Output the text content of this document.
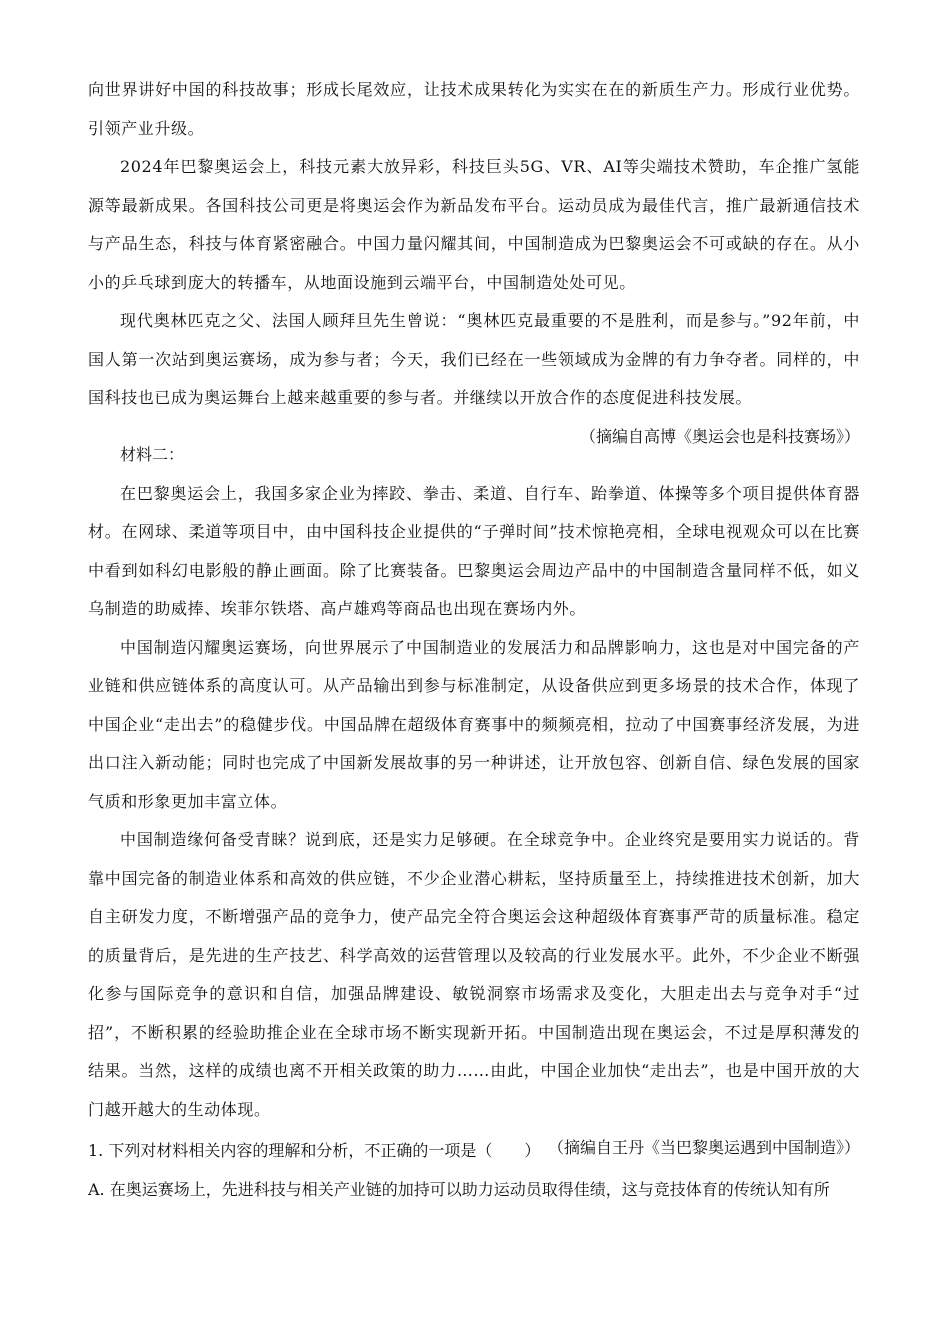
向世界讲好中国的科技故事；形成长尾效应，让技术成果转化为实实在在的新质生产力。形成行业优势。引领产业升级。

2024年巴黎奥运会上，科技元素大放异彩，科技巨头5G、VR、AI等尖端技术赞助，车企推广氢能源等最新成果。各国科技公司更是将奥运会作为新品发布平台。运动员成为最佳代言，推广最新通信技术与产品生态，科技与体育紧密融合。中国力量闪耀其间，中国制造成为巴黎奥运会不可或缺的存在。从小小的乒乓球到庞大的转播车，从地面设施到云端平台，中国制造处处可见。

现代奥林匹克之父、法国人顾拜旦先生曾说：“奥林匹克最重要的不是胜利，而是参与。”92年前，中国人第一次站到奥运赛场，成为参与者；今天，我们已经在一些领域成为金牌的有力争夺者。同样的，中国科技也已成为奥运舞台上越来越重要的参与者。并继续以开放合作的态度促进科技发展。

（摘编自高博《奥运会也是科技赛场》）

材料二：

在巴黎奥运会上，我国多家企业为摔跤、拳击、柔道、自行车、跆拳道、体操等多个项目提供体育器材。在网球、柔道等项目中，由中国科技企业提供的“子弹时间”技术惊艳亮相，全球电视观众可以在比赛中看到如科幻电影般的静止画面。除了比赛装备。巴黎奥运会周边产品中的中国制造含量同样不低，如义乌制造的助威捧、埃菲尔铁塔、高卢雄鸡等商品也出现在赛场内外。

中国制造闪耀奥运赛场，向世界展示了中国制造业的发展活力和品牌影响力，这也是对中国完备的产业链和供应链体系的高度认可。从产品输出到参与标准制定，从设备供应到更多场景的技术合作，体现了中国企业“走出去”的稳健步伐。中国品牌在超级体育赛事中的频频亮相，拉动了中国赛事经济发展，为进出口注入新动能；同时也完成了中国新发展故事的另一种讲述，让开放包容、创新自信、绿色发展的国家气质和形象更加丰富立体。

中国制造缘何备受青睐？说到底，还是实力足够硬。在全球竞争中。企业终究是要用实力说话的。背靠中国完备的制造业体系和高效的供应链，不少企业潜心耕耘，坚持质量至上，持续推进技术创新，加大自主研发力度，不断增强产品的竞争力，使产品完全符合奥运会这种超级体育赛事严苛的质量标准。稳定的质量背后，是先进的生产技艺、科学高效的运营管理以及较高的行业发展水平。此外，不少企业不断强化参与国际竞争的意识和自信，加强品牌建设、敏锐洞察市场需求及变化，大胆走出去与竞争对手“过招”，不断积累的经验助推企业在全球市场不断实现新开拓。中国制造出现在奥运会，不过是厚积薄发的结果。当然，这样的成绩也离不开相关政策的助力……由此，中国企业加快“走出去”，也是中国开放的大门越开越大的生动体现。

（摘编自王丹《当巴黎奥运遇到中国制造》）

1. 下列对材料相关内容的理解和分析，不正确的一项是（　　）

A. 在奥运赛场上，先进科技与相关产业链的加持可以助力运动员取得佳绩，这与竞技体育的传统认知有所
